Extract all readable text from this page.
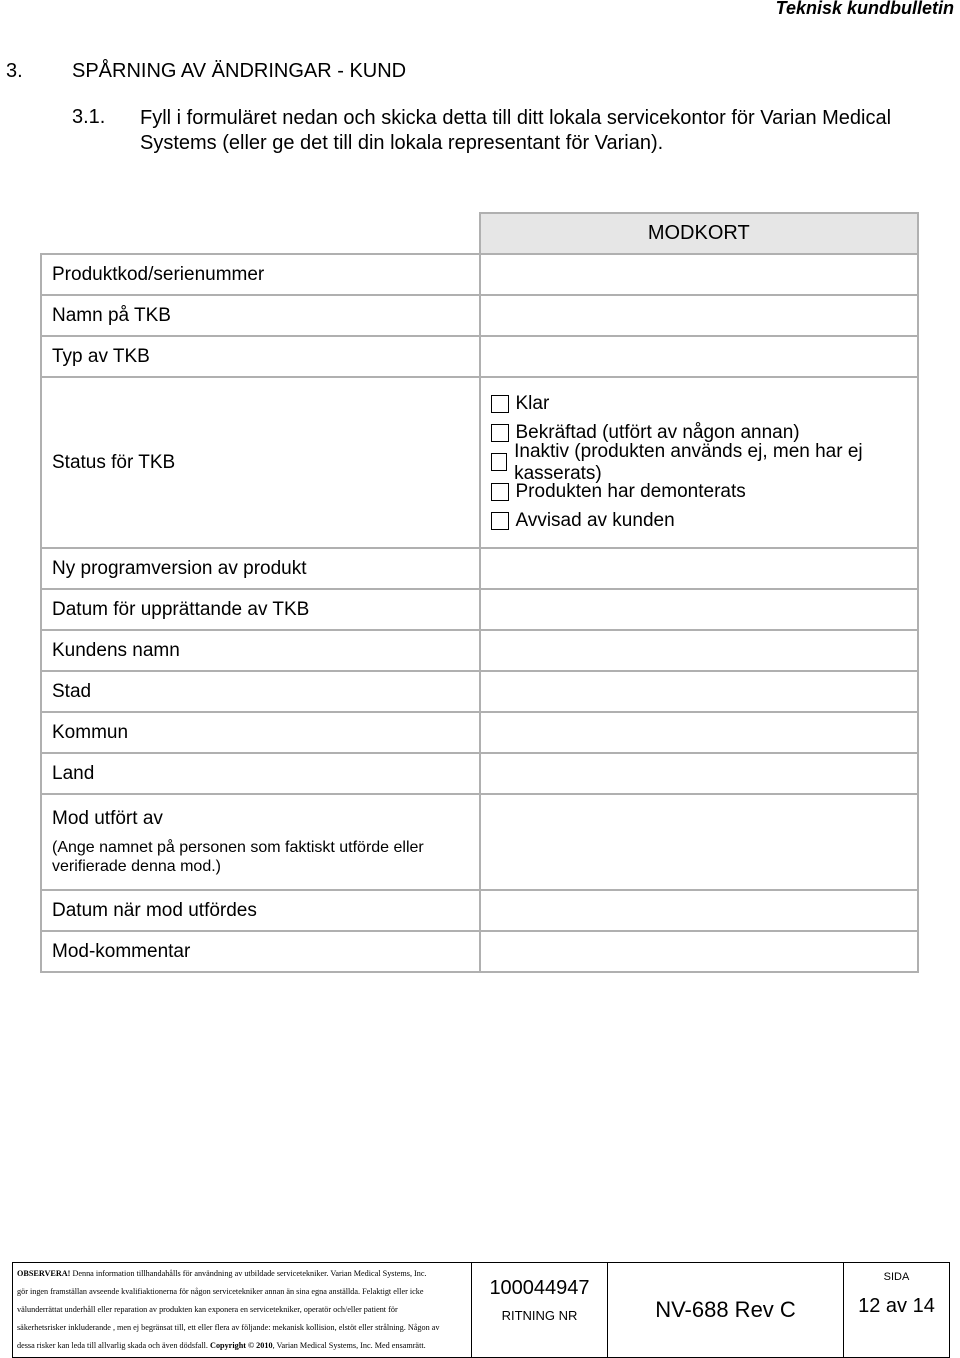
Teknisk kundbulletin
3. SPÅRNING AV ÄNDRINGAR - KUND
3.1. Fyll i formuläret nedan och skicka detta till ditt lokala servicekontor för Varian Medical Systems (eller ge det till din lokala representant för Varian).
	MODKORT
Produktkod/serienummer	
Namn på TKB	
Typ av TKB	
Status för TKB	Klar
Bekräftad (utfört av någon annan)
Inaktiv (produkten används ej, men har ej kasserats)
Produkten har demonterats
Avvisad av kunden

Ny programversion av produkt	
Datum för upprättande av TKB	
Kundens namn	
Stad	
Kommun	
Land	

Mod utfört av
(Ange namnet på personen som faktiskt utförde eller verifierade denna mod.)	

Datum när mod utfördes	
Mod-kommentar	
OBSERVERA! Denna information tillhandahålls för användning av utbildade servicetekniker. Varian Medical Systems, Inc.
gör ingen framställan avseende kvalifiaktionerna för någon servicetekniker annan än sina egna anställda. Felaktigt eller icke
välunderrättat underhåll eller reparation av produkten kan exponera en servicetekniker, operatör och/eller patient för
säkerhetsrisker inkluderande , men ej begränsat till, ett eller flera av följande: mekanisk kollision, elstöt eller strålning. Någon av
dessa risker kan leda till allvarlig skada och även dödsfall. Copyright © 2010, Varian Medical Systems, Inc. Med ensamrätt.

100044947
RITNING NR	NV-688 Rev C	
SIDA
12 av 14
